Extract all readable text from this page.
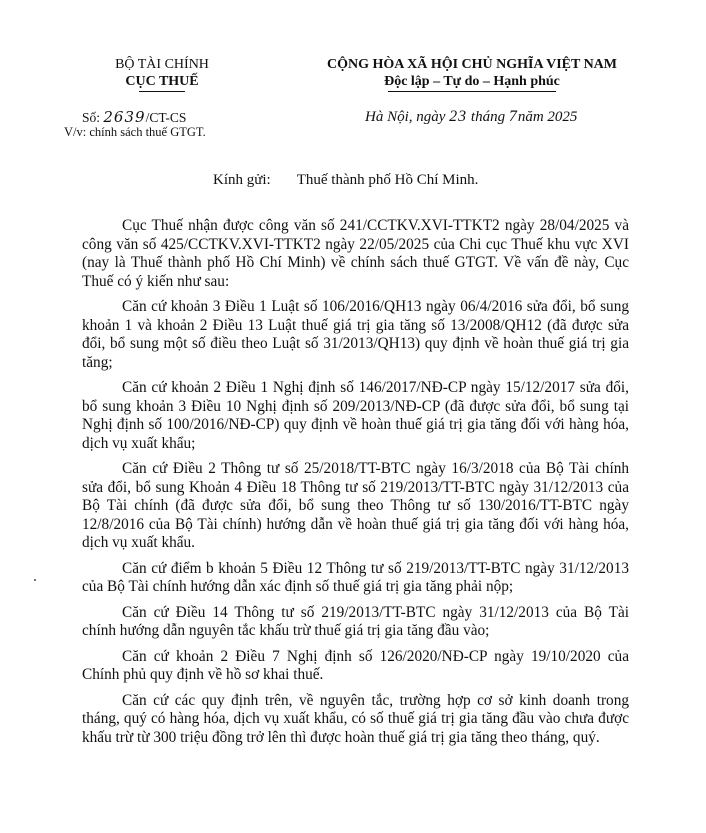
BỘ TÀI CHÍNH
CỤC THUẾ
CỘNG HÒA XÃ HỘI CHỦ NGHĨA VIỆT NAM
Độc lập – Tự do – Hạnh phúc
Số: 2639/CT-CS
V/v: chính sách thuế GTGT.
Hà Nội, ngày 23 tháng 7năm 2025
Kính gửi: Thuế thành phố Hồ Chí Minh.

Cục Thuế nhận được công văn số 241/CCTKV.XVI-TTKT2 ngày 28/04/2025 và công văn số 425/CCTKV.XVI-TTKT2 ngày 22/05/2025 của Chi cục Thuế khu vực XVI (nay là Thuế thành phố Hồ Chí Minh) về chính sách thuế GTGT. Về vấn đề này, Cục Thuế có ý kiến như sau:

Căn cứ khoản 3 Điều 1 Luật số 106/2016/QH13 ngày 06/4/2016 sửa đổi, bổ sung khoản 1 và khoản 2 Điều 13 Luật thuế giá trị gia tăng số 13/2008/QH12 (đã được sửa đổi, bổ sung một số điều theo Luật số 31/2013/QH13) quy định về hoàn thuế giá trị gia tăng;

Căn cứ khoản 2 Điều 1 Nghị định số 146/2017/NĐ-CP ngày 15/12/2017 sửa đổi, bổ sung khoản 3 Điều 10 Nghị định số 209/2013/NĐ-CP (đã được sửa đổi, bổ sung tại Nghị định số 100/2016/NĐ-CP) quy định về hoàn thuế giá trị gia tăng đối với hàng hóa, dịch vụ xuất khẩu;

Căn cứ Điều 2 Thông tư số 25/2018/TT-BTC ngày 16/3/2018 của Bộ Tài chính sửa đổi, bổ sung Khoản 4 Điều 18 Thông tư số 219/2013/TT-BTC ngày 31/12/2013 của Bộ Tài chính (đã được sửa đổi, bổ sung theo Thông tư số 130/2016/TT-BTC ngày 12/8/2016 của Bộ Tài chính) hướng dẫn về hoàn thuế giá trị gia tăng đối với hàng hóa, dịch vụ xuất khẩu.

Căn cứ điểm b khoản 5 Điều 12 Thông tư số 219/2013/TT-BTC ngày 31/12/2013 của Bộ Tài chính hướng dẫn xác định số thuế giá trị gia tăng phải nộp;

Căn cứ Điều 14 Thông tư số 219/2013/TT-BTC ngày 31/12/2013 của Bộ Tài chính hướng dẫn nguyên tắc khấu trừ thuế giá trị gia tăng đầu vào;

Căn cứ khoản 2 Điều 7 Nghị định số 126/2020/NĐ-CP ngày 19/10/2020 của Chính phủ quy định về hồ sơ khai thuế.

Căn cứ các quy định trên, về nguyên tắc, trường hợp cơ sở kinh doanh trong tháng, quý có hàng hóa, dịch vụ xuất khẩu, có số thuế giá trị gia tăng đầu vào chưa được khấu trừ từ 300 triệu đồng trở lên thì được hoàn thuế giá trị gia tăng theo tháng, quý.
